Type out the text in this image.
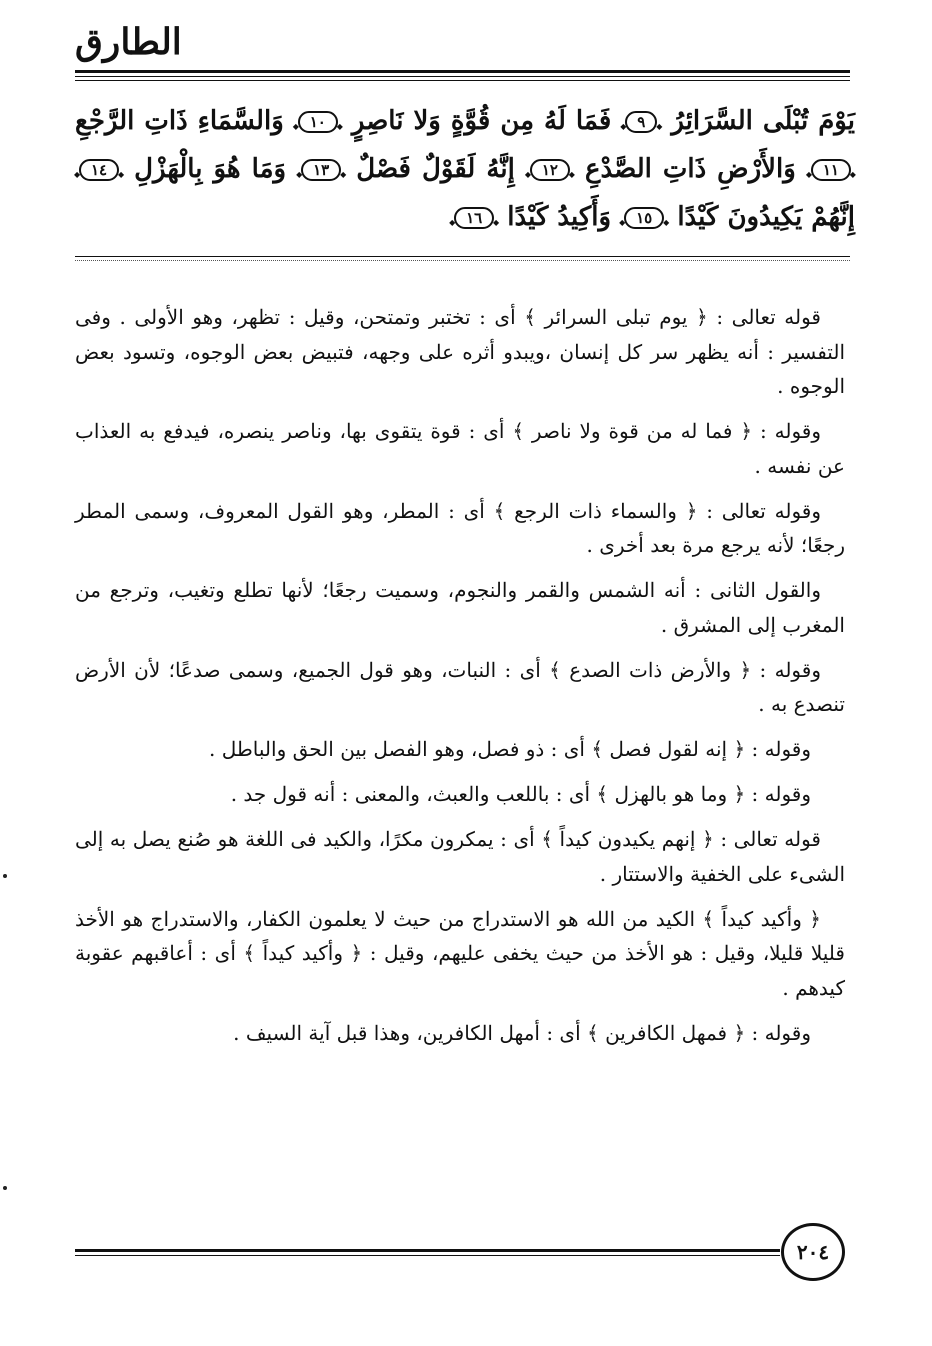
الطارق
يَوْمَ تُبْلَى السَّرَائِرُ ◆ ٩ ◆ فَمَا لَهُ مِن قُوَّةٍ وَلا نَاصِرٍ ◆ ١٠ ◆ وَالسَّمَاءِ ذَاتِ الرَّجْعِ
◆ ١١ ◆ وَالأَرْضِ ذَاتِ الصَّدْعِ ◆ ١٢ ◆ إِنَّهُ لَقَوْلٌ فَصْلٌ ◆ ١٣ ◆ وَمَا هُوَ بِالْهَزْلِ ◆ ١٤ ◆
إِنَّهُمْ يَكِيدُونَ كَيْدًا ◆ ١٥ ◆ وَأَكِيدُ كَيْدًا ◆ ١٦ ◆

قوله تعالى : ﴿ يوم تبلى السرائر ﴾ أى : تختبر وتمتحن، وقيل : تظهر، وهو الأولى . وفى التفسير : أنه يظهر سر كل إنسان ،ويبدو أثره على وجهه، فتبيض بعض الوجوه، وتسود بعض الوجوه .

وقوله : ﴿ فما له من قوة ولا ناصر ﴾ أى : قوة يتقوى بها، وناصر ينصره، فيدفع به العذاب عن نفسه .

وقوله تعالى : ﴿ والسماء ذات الرجع ﴾ أى : المطر، وهو القول المعروف، وسمى المطر رجعًا؛ لأنه يرجع مرة بعد أخرى .

والقول الثانى : أنه الشمس والقمر والنجوم، وسميت رجعًا؛ لأنها تطلع وتغيب، وترجع من المغرب إلى المشرق .

وقوله : ﴿ والأرض ذات الصدع ﴾ أى : النبات، وهو قول الجميع، وسمى صدعًا؛ لأن الأرض تنصدع به .

وقوله : ﴿ إنه لقول فصل ﴾ أى : ذو فصل، وهو الفصل بين الحق والباطل .

وقوله : ﴿ وما هو بالهزل ﴾ أى : باللعب والعبث، والمعنى : أنه قول جد .

قوله تعالى : ﴿ إنهم يكيدون كيداً ﴾ أى : يمكرون مكرًا، والكيد فى اللغة هو صُنع يصل به إلى الشىء على الخفية والاستتار .

﴿ وأكيد كيداً ﴾ الكيد من الله هو الاستدراج من حيث لا يعلمون الكفار، والاستدراج هو الأخذ قليلا قليلا، وقيل : هو الأخذ من حيث يخفى عليهم، وقيل : ﴿ وأكيد كيداً ﴾ أى : أعاقبهم عقوبة كيدهم .

وقوله : ﴿ فمهل الكافرين ﴾ أى : أمهل الكافرين، وهذا قبل آية السيف .

٢٠٤
